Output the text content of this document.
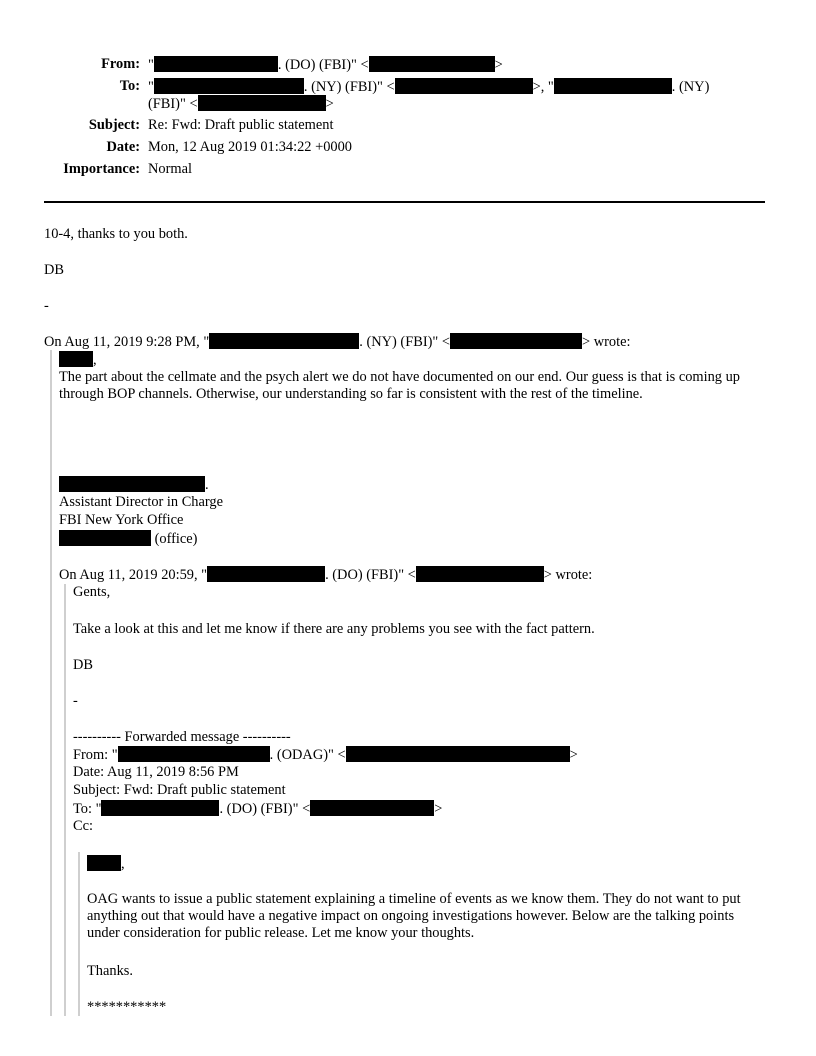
From: "	. (DO) (FBI)" <	>
To: "	. (NY) (FBI)" <	>, "	. (NY)
(FBI)" <	>
Subject: Re: Fwd: Draft public statement
Date: Mon, 12 Aug 2019 01:34:22 +0000
Importance: Normal
10-4, thanks to you both.
DB
-
On Aug 11, 2019 9:28 PM, "	. (NY) (FBI)" <	> wrote:
,
The part about the cellmate and the psych alert we do not have documented on our end. Our guess is that is coming up through BOP channels. Otherwise, our understanding so far is consistent with the rest of the timeline.
.
Assistant Director in Charge
FBI New York Office
(office)
On Aug 11, 2019 20:59, "	. (DO) (FBI)" <	> wrote:
Gents,
Take a look at this and let me know if there are any problems you see with the fact pattern.
DB
-
---------- Forwarded message ----------
From: "	. (ODAG)" <	>
Date: Aug 11, 2019 8:56 PM
Subject: Fwd: Draft public statement
To: "	. (DO) (FBI)" <	>
Cc:
,
OAG wants to issue a public statement explaining a timeline of events as we know them. They do not want to put anything out that would have a negative impact on ongoing investigations however. Below are the talking points under consideration for public release. Let me know your thoughts.
Thanks.
***********
